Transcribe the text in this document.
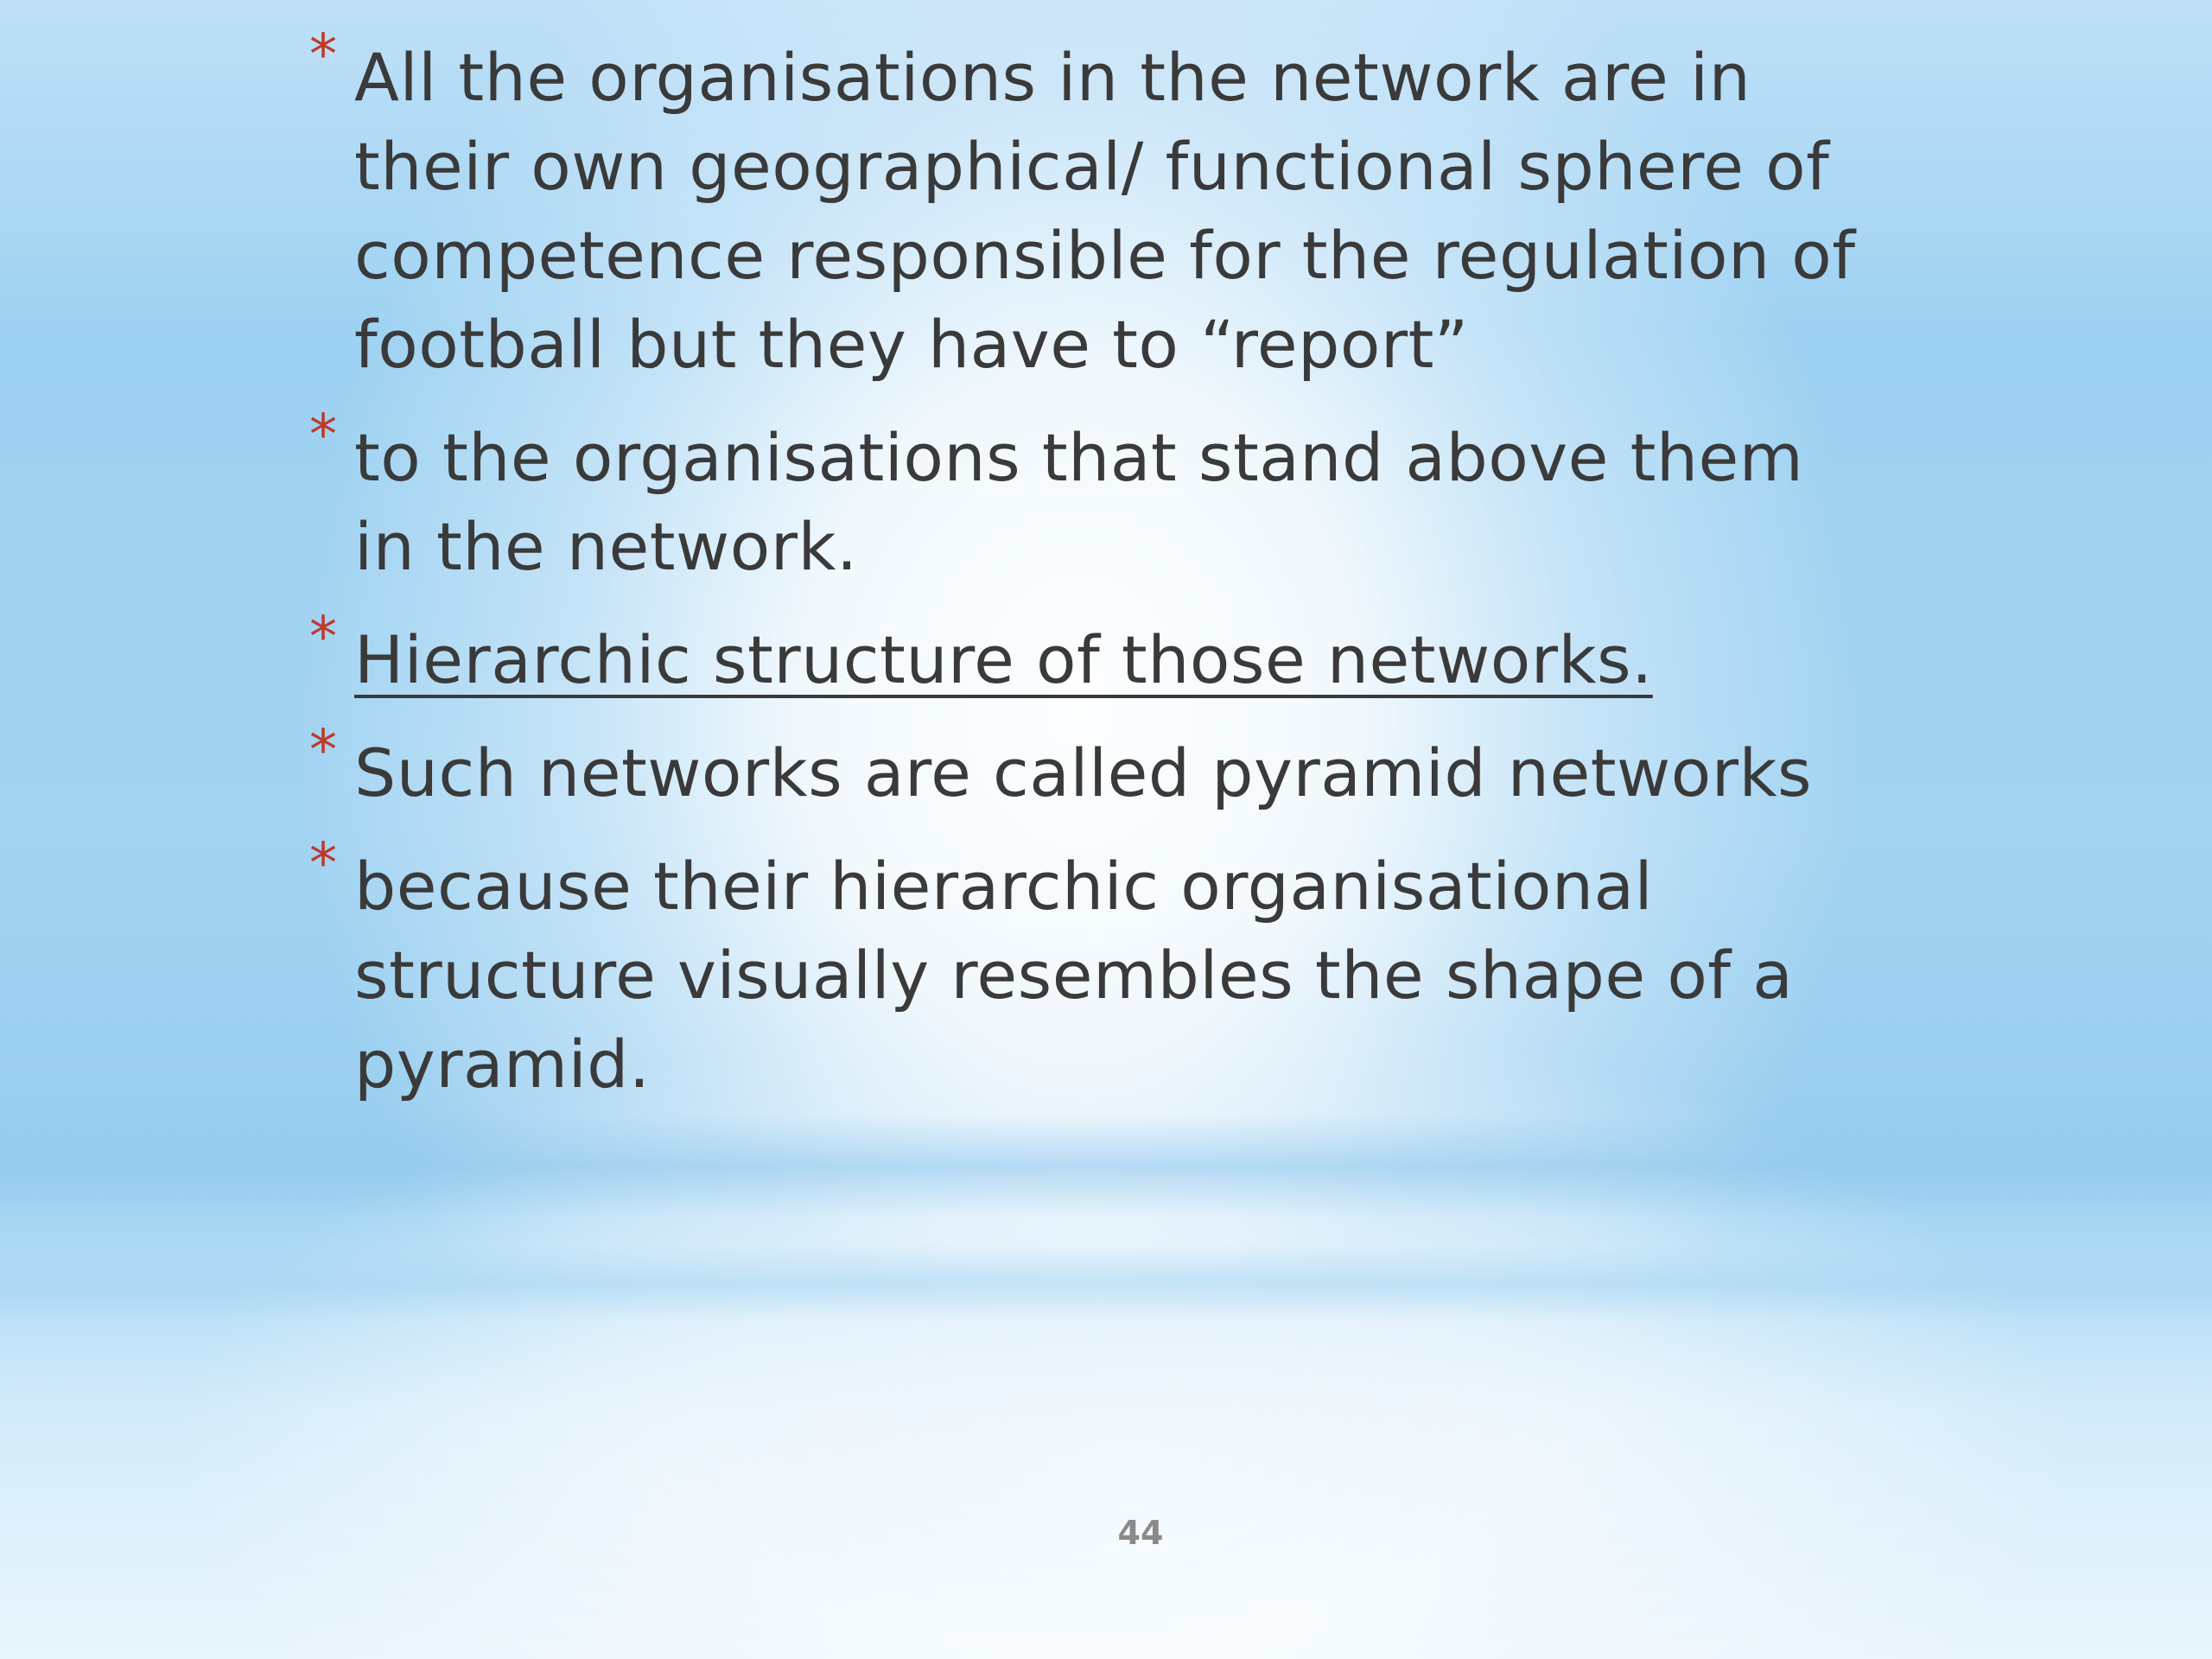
* All the organisations in the network are in their own geographical/ functional sphere of competence responsible for the regulation of football but they have to “report”
* to the organisations that stand above them in the network.
* Hierarchic structure of those networks.
* Such networks are called pyramid networks
* because their hierarchic organisational structure visually resembles the shape of a pyramid.
44
